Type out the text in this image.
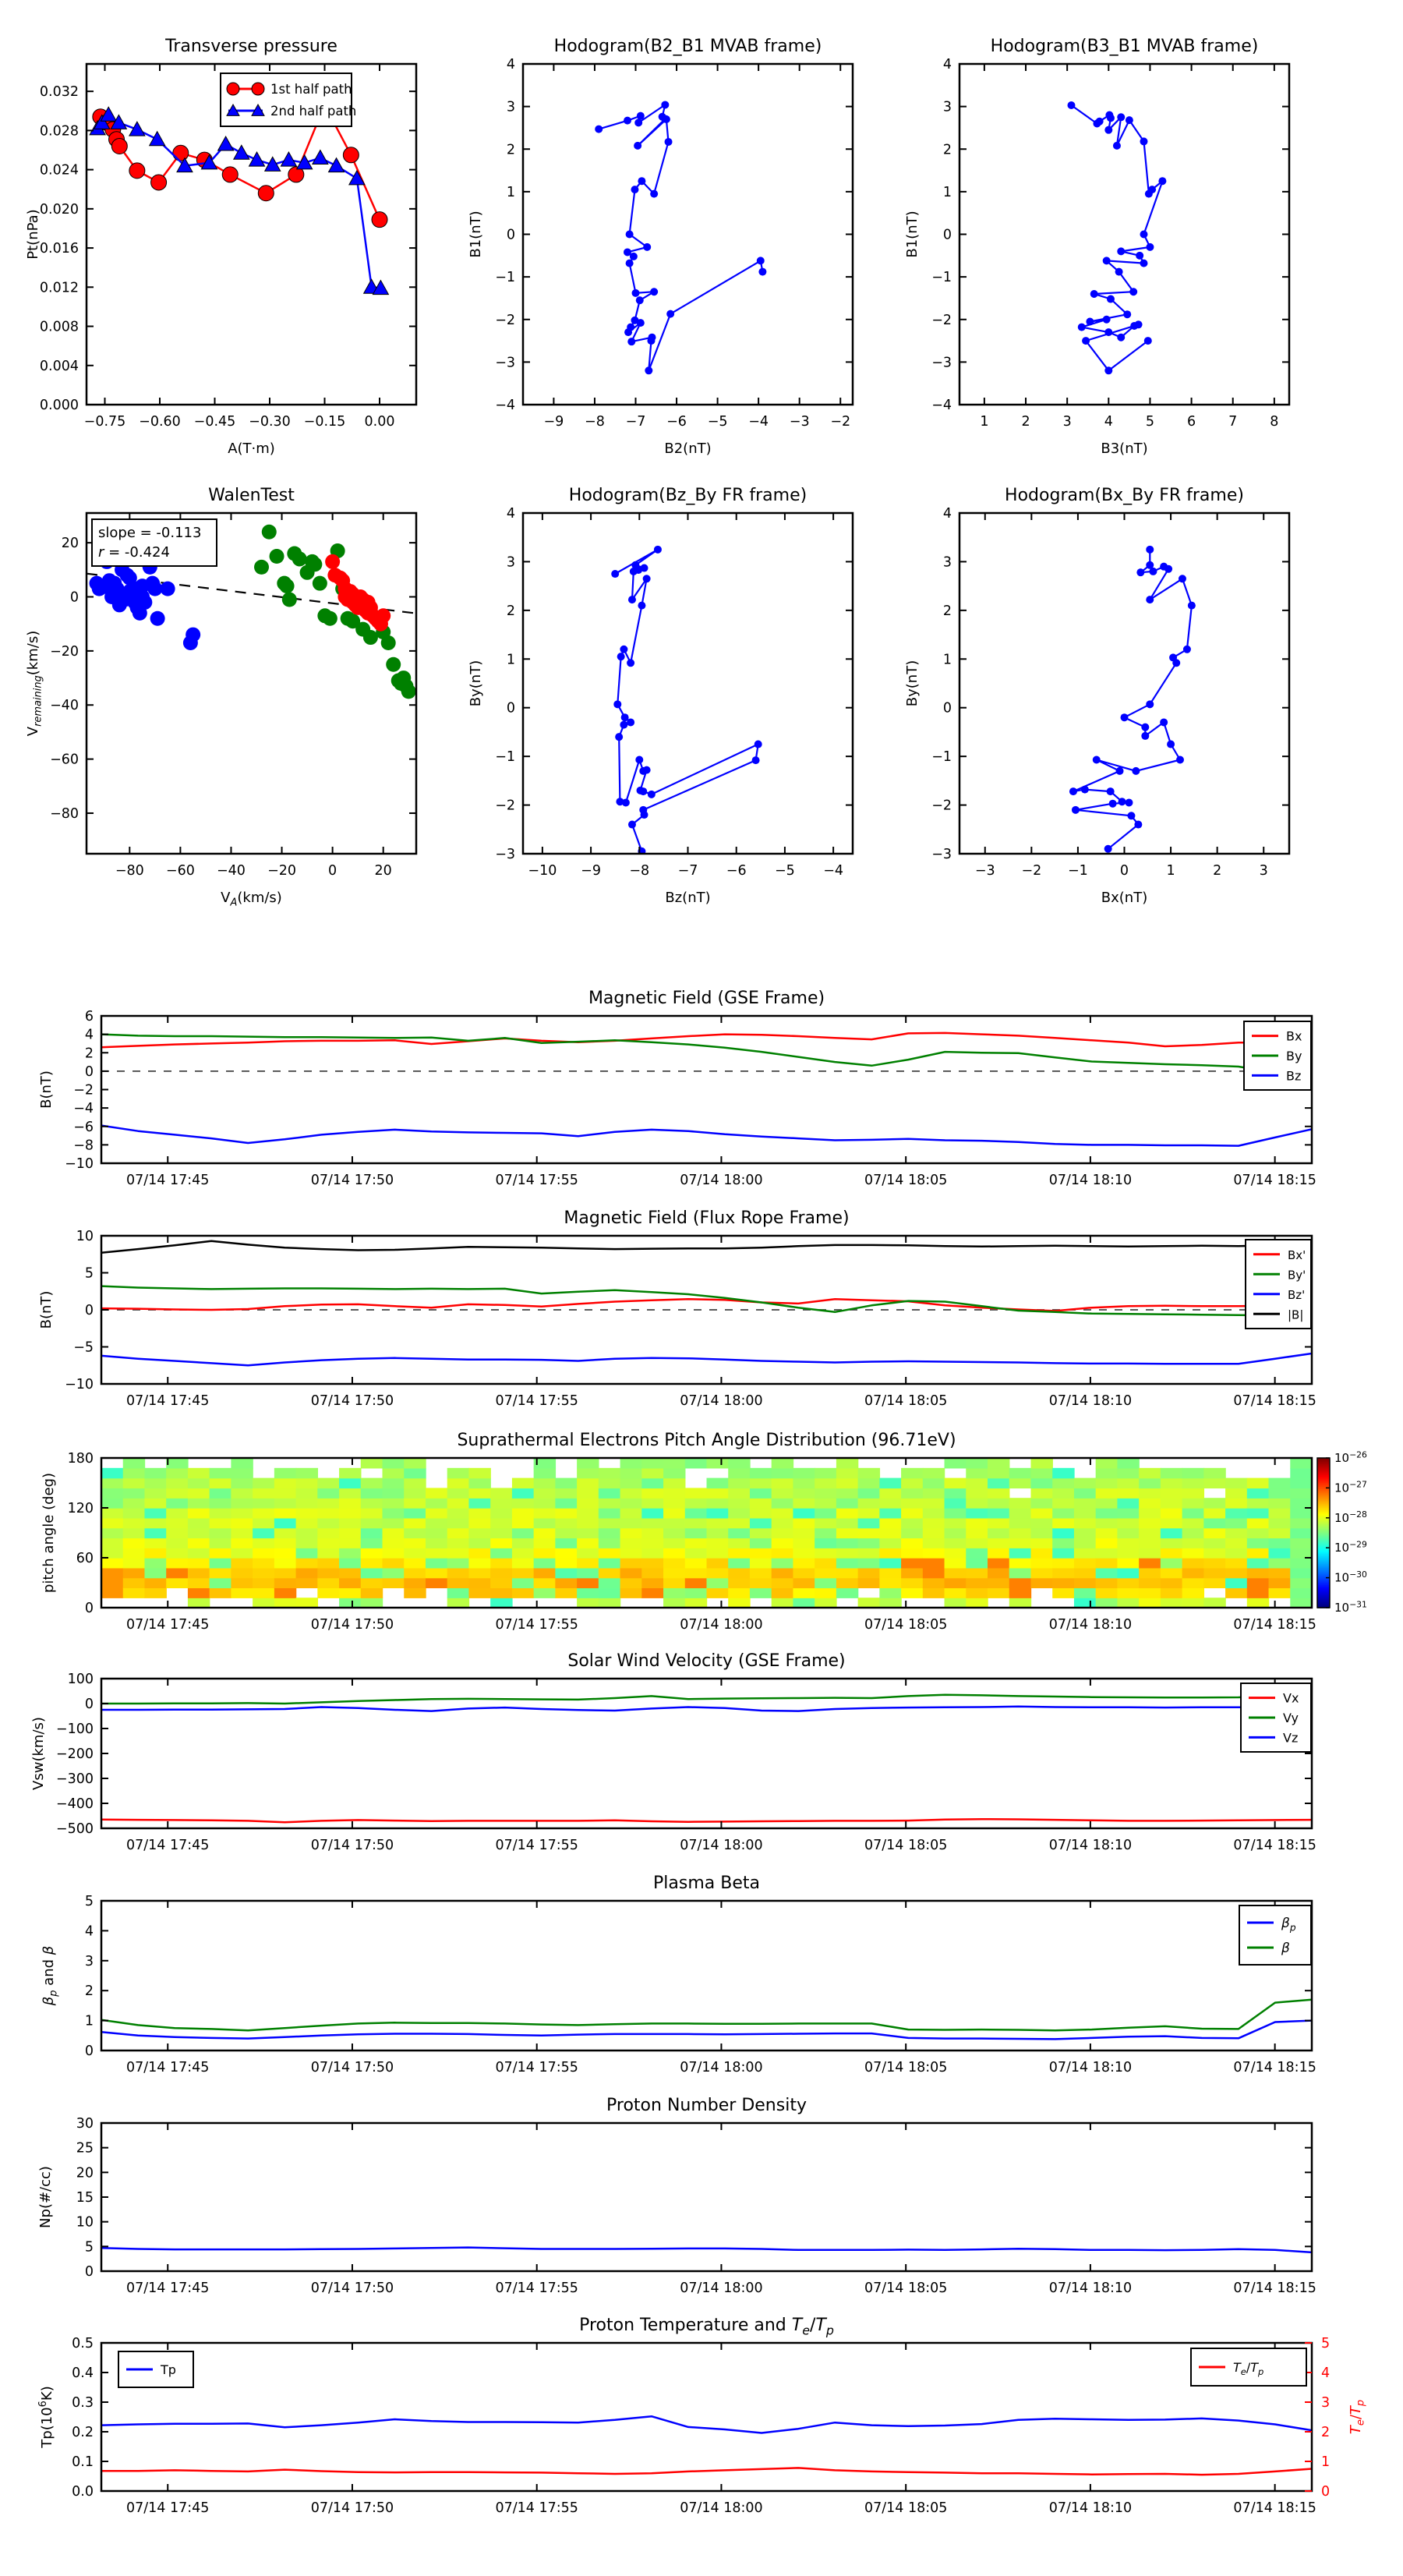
−0.75 −0.60 −0.45 −0.30 −0.15 0.00
0.000
0.004
0.008
0.012
0.016
0.020
0.024
0.028
0.032
Transverse pressure
A(T·m)
Pt(nPa)
1st half path
2nd half path
−9 −8 −7 −6 −5 −4 −3 −2
−4
−3
−2
−1
0
1
2
3
4
Hodogram(B2_B1 MVAB frame)
B2(nT)
B1(nT)
1 2 3 4 5 6 7 8
−4
−3
−2
−1
0
1
2
3
4
Hodogram(B3_B1 MVAB frame)
B3(nT)
B1(nT)
−80 −60 −40 −20 0	20
20
0
−20
−40
−60
−80
WalenTest
$V_A(km/s)$
$V_{remaining}(km/s)$
slope = -0.113
r = -0.424
−10 −9 −8 −7 −6 −5 −4
−3
−2
−1
0
1
2
3
4
Hodogram(Bz_By FR frame)
Bz(nT)
By(nT)
−3 −2 −1 0	1	2	3
−3
−2
−1
0
1
2
3
4
Hodogram(Bx_By FR frame)
Bx(nT)
By(nT)
07/14 17:45	07/14 17:50	07/14 17:55	07/14 18:00	07/14 18:05	07/14 18:10	07/14 18:15
−10
−8
−6
−4
−2
0
2
4
6
Magnetic Field (GSE Frame)
B(nT)
Bx
By
Bz
07/14 17:45	07/14 17:50	07/14 17:55	07/14 18:00	07/14 18:05	07/14 18:10	07/14 18:15
−10
−5
0
5
10
Magnetic Field (Flux Rope Frame)
B(nT)
Bx'
By'
Bz'
|B|
07/14 17:45	07/14 17:50	07/14 17:55	07/14 18:00	07/14 18:05	07/14 18:10	07/14 18:15
0
60
120
180
Suprathermal Electrons Pitch Angle Distribution (96.71eV)
pitch angle (deg)
$10^{-26}$
$10^{-27}$
$10^{-28}$
$10^{-29}$
$10^{-30}$
$10^{-31}$
07/14 17:45	07/14 17:50	07/14 17:55	07/14 18:00	07/14 18:05	07/14 18:10	07/14 18:15
−500
−400
−300
−200
−100
0
100
Solar Wind Velocity (GSE Frame)
Vsw(km/s)
Vx
Vy
Vz
07/14 17:45	07/14 17:50	07/14 17:55	07/14 18:00	07/14 18:05	07/14 18:10	07/14 18:15
0
1
2
3
4
5
Plasma Beta
$\beta_p$ and β
$\beta_p$
β
07/14 17:45	07/14 17:50	07/14 17:55	07/14 18:00	07/14 18:05	07/14 18:10	07/14 18:15
0
5
10
15
20
25
30
Proton Number Density
Np(#/cc)
07/14 17:45	07/14 17:50	07/14 17:55	07/14 18:00	07/14 18:05	07/14 18:10	07/14 18:15
0.0
0.1
0.2
0.3
0.4
0.5
0
1
2
3
4
5
$T_e/T_p$
Proton Temperature and $T_e/T_p$
$Tp(10^6K)$
Tp	$T_e/T_p$
